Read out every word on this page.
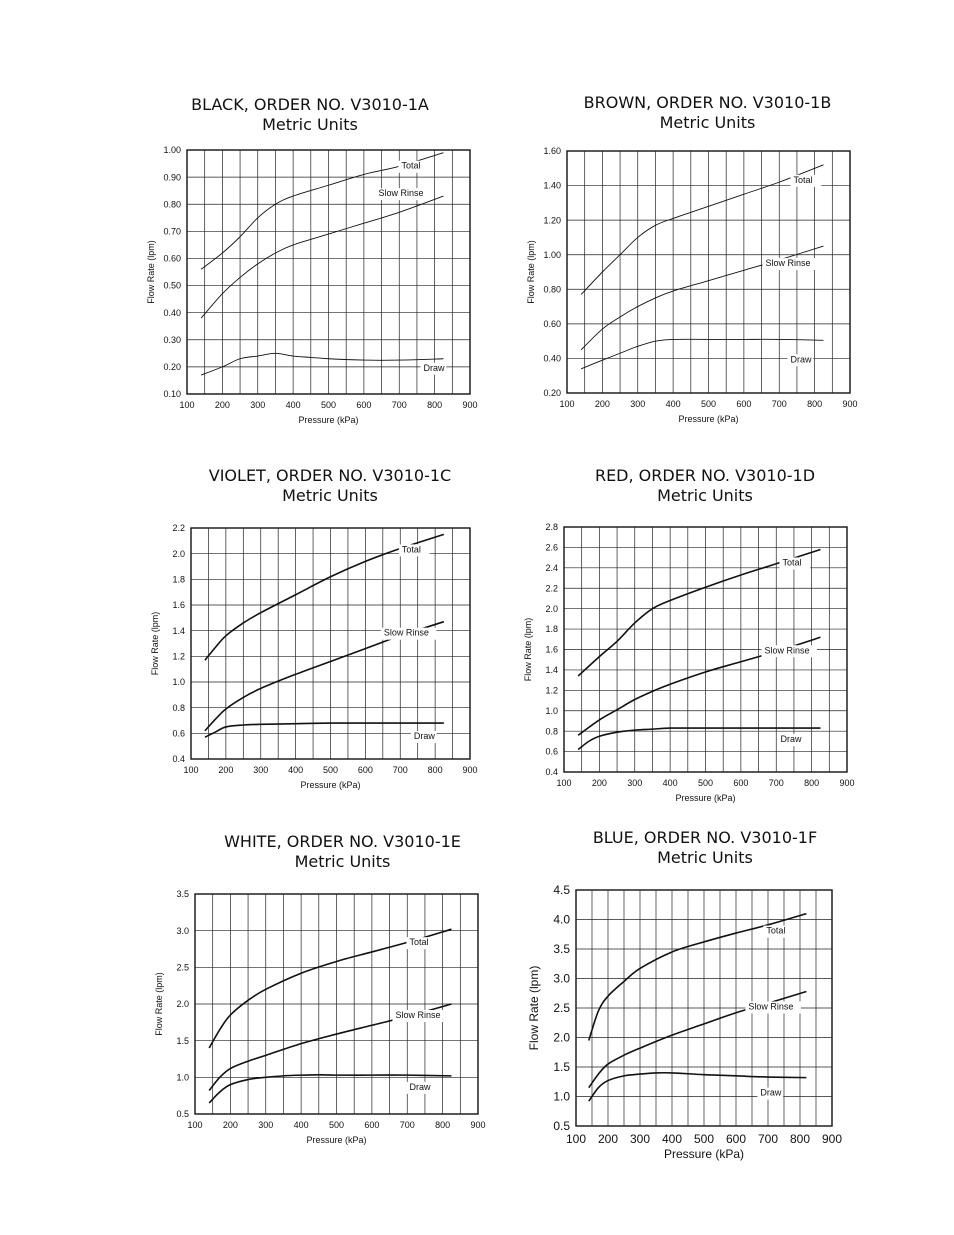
BLACK, ORDER NO. V3010-1A
Metric Units
BROWN, ORDER NO. V3010-1B
Metric Units
VIOLET, ORDER NO. V3010-1C
Metric Units
RED, ORDER NO. V3010-1D
Metric Units
WHITE, ORDER NO. V3010-1E
Metric Units
BLUE, ORDER NO. V3010-1F
Metric Units
100 200 300 400 500 600 700 800 900
0.10
0.20
0.30
0.40
0.50
0.60
0.70
0.80
0.90
1.00
Pressure (kPa)
Flow Rate (lpm)
Total
Slow Rinse
Draw
100 200 300 400 500 600 700 800 900
0.20
0.40
0.60
0.80
1.00
1.20
1.40
1.60
Pressure (kPa)
Flow Rate (lpm)
Total
Slow Rinse
Draw
100 200 300 400 500 600 700 800 900
0.4
0.6
0.8
1.0
1.2
1.4
1.6
1.8
2.0
2.2
Pressure (kPa)
Flow Rate (lpm)
Total
Slow Rinse
Draw
100 200 300 400 500 600 700 800 900
0.4
0.6
0.8
1.0
1.2
1.4
1.6
1.8
2.0
2.2
2.4
2.6
2.8
Pressure (kPa)
Flow Rate (lpm)
Total
Slow Rinse
Draw
100 200 300 400 500 600 700 800 900
0.5
1.0
1.5
2.0
2.5
3.0
3.5
Pressure (kPa)
Flow Rate (lpm)
Total
Slow Rinse
Draw
100 200 300 400 500 600 700 800 900
0.5
1.0
1.5
2.0
2.5
3.0
3.5
4.0
4.5
Pressure (kPa)
Flow Rate (lpm)
Total
Slow Rinse
Draw
